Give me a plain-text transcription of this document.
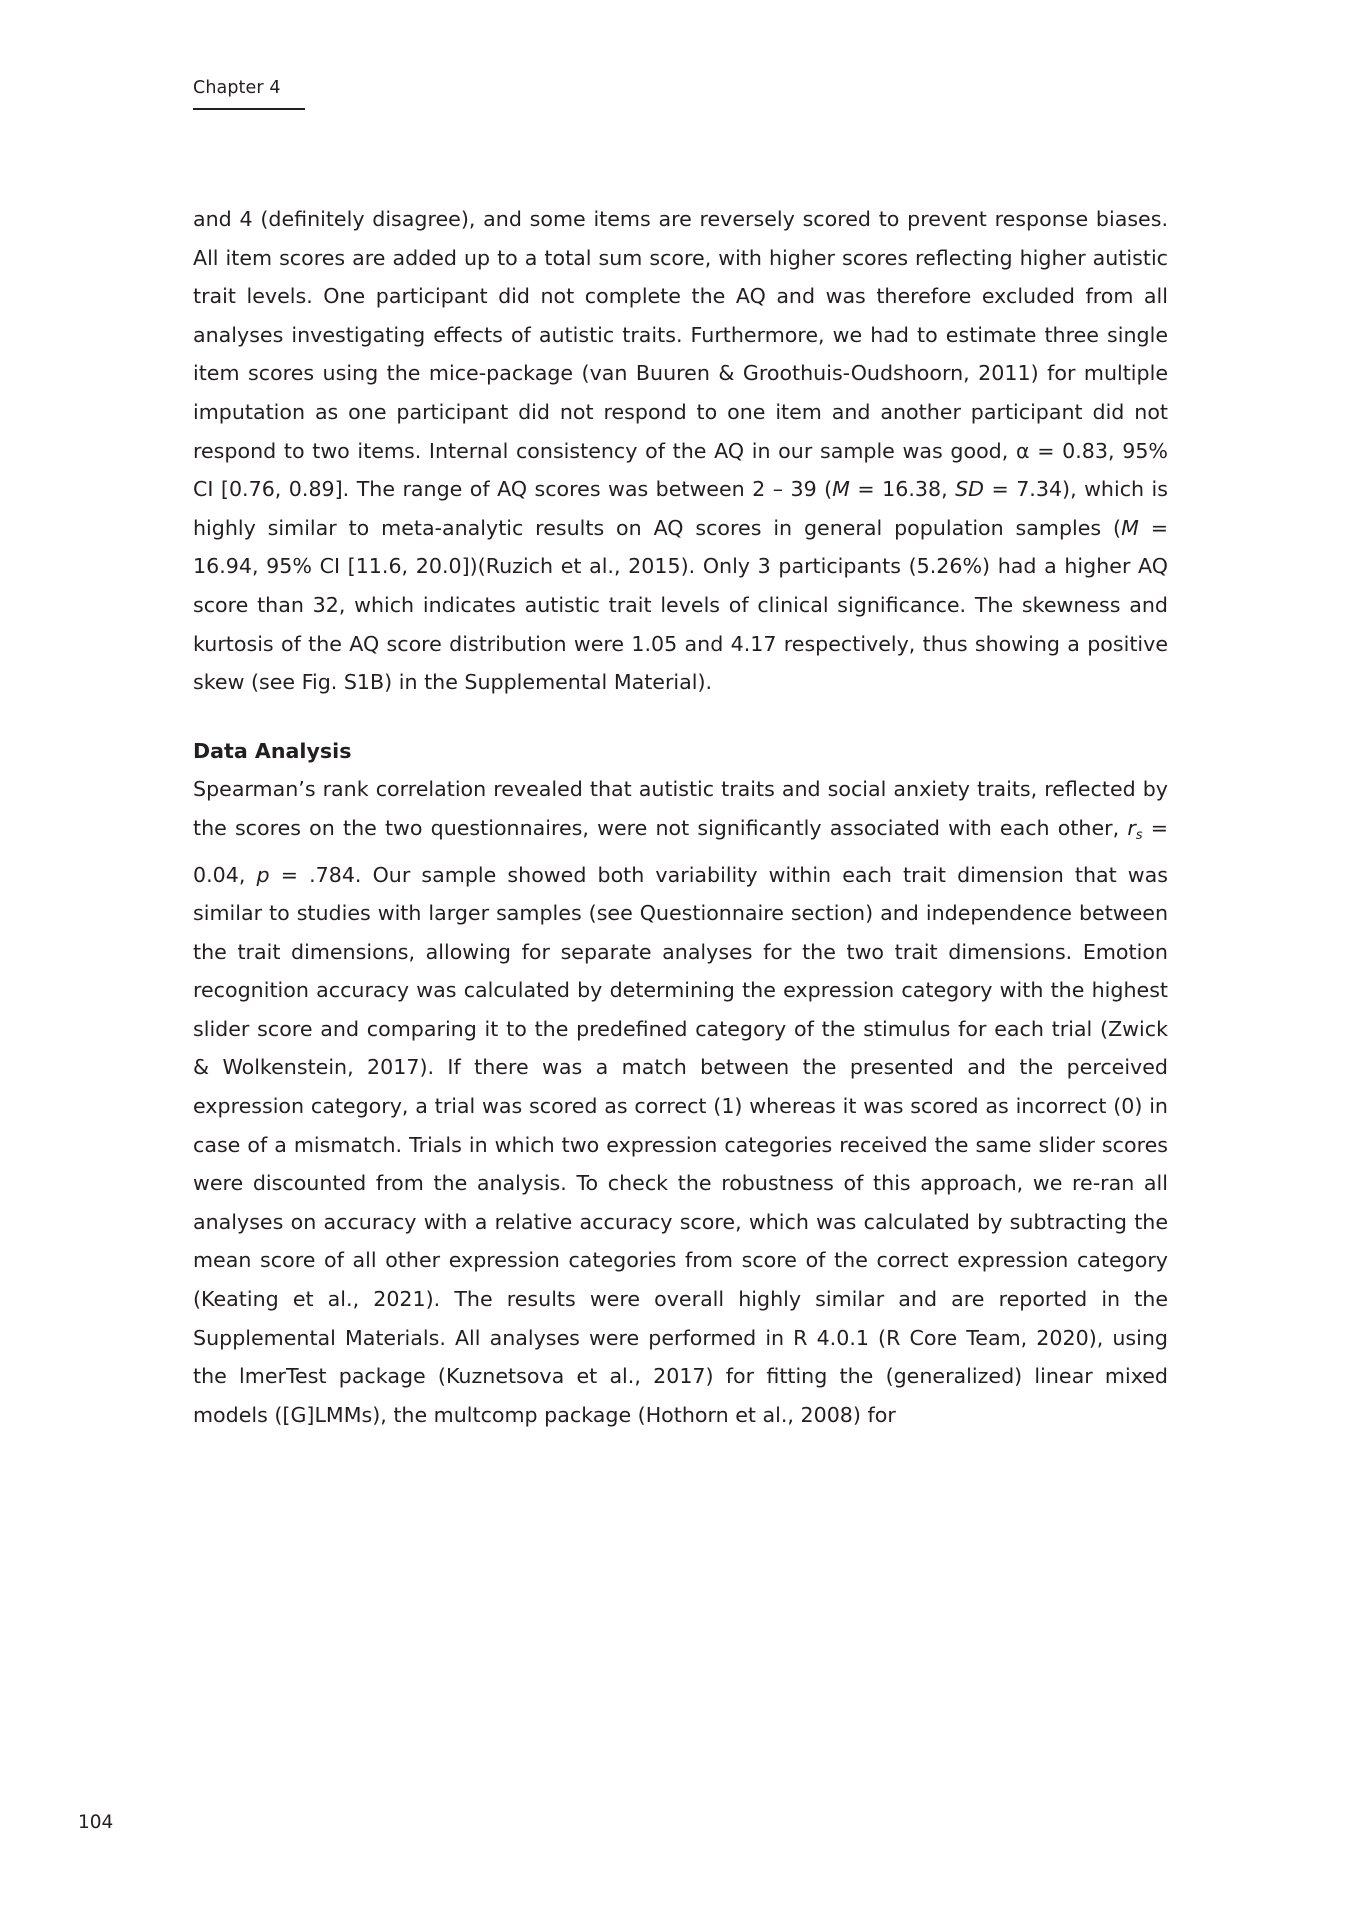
Chapter 4

and 4 (definitely disagree), and some items are reversely scored to prevent response biases. All item scores are added up to a total sum score, with higher scores reflecting higher autistic trait levels. One participant did not complete the AQ and was therefore excluded from all analyses investigating effects of autistic traits. Furthermore, we had to estimate three single item scores using the mice-package (van Buuren & Groothuis-Oudshoorn, 2011) for multiple imputation as one participant did not respond to one item and another participant did not respond to two items. Internal consistency of the AQ in our sample was good, α = 0.83, 95% CI [0.76, 0.89]. The range of AQ scores was between 2 – 39 (M = 16.38, SD = 7.34), which is highly similar to meta-analytic results on AQ scores in general population samples (M = 16.94, 95% CI [11.6, 20.0])(Ruzich et al., 2015). Only 3 participants (5.26%) had a higher AQ score than 32, which indicates autistic trait levels of clinical significance. The skewness and kurtosis of the AQ score distribution were 1.05 and 4.17 respectively, thus showing a positive skew (see Fig. S1B) in the Supplemental Material).

Data Analysis

Spearman’s rank correlation revealed that autistic traits and social anxiety traits, reflected by the scores on the two questionnaires, were not significantly associated with each other, $r_s = 0.04$, p = .784. Our sample showed both variability within each trait dimension that was similar to studies with larger samples (see Questionnaire section) and independence between the trait dimensions, allowing for separate analyses for the two trait dimensions. Emotion recognition accuracy was calculated by determining the expression category with the highest slider score and comparing it to the predefined category of the stimulus for each trial (Zwick & Wolkenstein, 2017). If there was a match between the presented and the perceived expression category, a trial was scored as correct (1) whereas it was scored as incorrect (0) in case of a mismatch. Trials in which two expression categories received the same slider scores were discounted from the analysis. To check the robustness of this approach, we re-ran all analyses on accuracy with a relative accuracy score, which was calculated by subtracting the mean score of all other expression categories from score of the correct expression category (Keating et al., 2021). The results were overall highly similar and are reported in the Supplemental Materials. All analyses were performed in R 4.0.1 (R Core Team, 2020), using the lmerTest package (Kuznetsova et al., 2017) for fitting the (generalized) linear mixed models ([G]LMMs), the multcomp package (Hothorn et al., 2008) for

104
